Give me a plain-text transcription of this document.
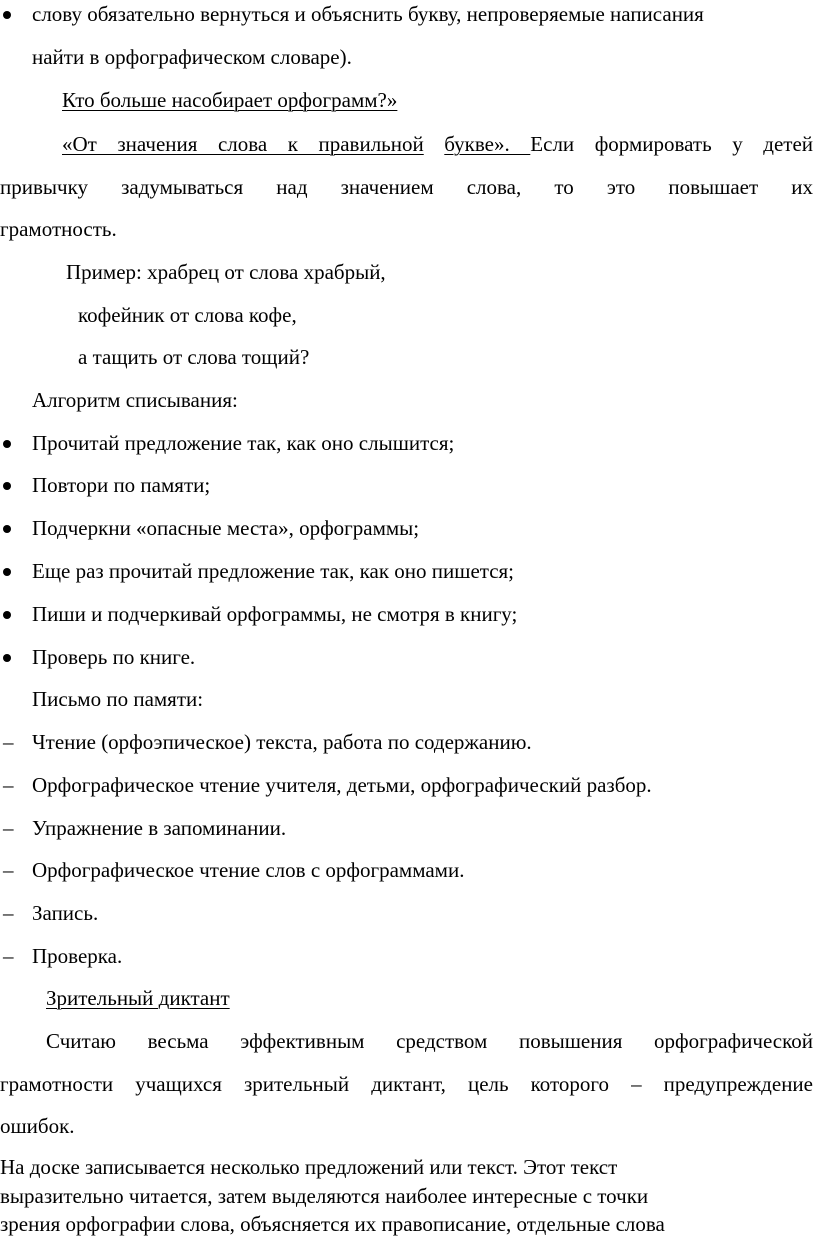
слову обязательно вернуться и объяснить букву, непроверяемые написания
найти в орфографическом словаре).
Кто больше насобирает орфограмм?»
«От значения слова к правильной букве». Если формировать у детей
привычку задумываться над значением слова, то это повышает их
грамотность.
Пример: храбрец от слова храбрый,
кофейник от слова кофе,
а тащить от слова тощий?
Алгоритм списывания:
Прочитай предложение так, как оно слышится;
Повтори по памяти;
Подчеркни «опасные места», орфограммы;
Еще раз прочитай предложение так, как оно пишется;
Пиши и подчеркивай орфограммы, не смотря в книгу;
Проверь по книге.
Письмо по памяти:
– Чтение (орфоэпическое) текста, работа по содержанию.
– Орфографическое чтение учителя, детьми, орфографический разбор.
– Упражнение в запоминании.
– Орфографическое чтение слов с орфограммами.
– Запись.
– Проверка.
Зрительный диктант
Считаю весьма эффективным средством повышения орфографической
грамотности учащихся зрительный диктант, цель которого – предупреждение
ошибок.
На доске записывается несколько предложений или текст. Этот текст
выразительно читается, затем выделяются наиболее интересные с точки
зрения орфографии слова, объясняется их правописание, отдельные слова
